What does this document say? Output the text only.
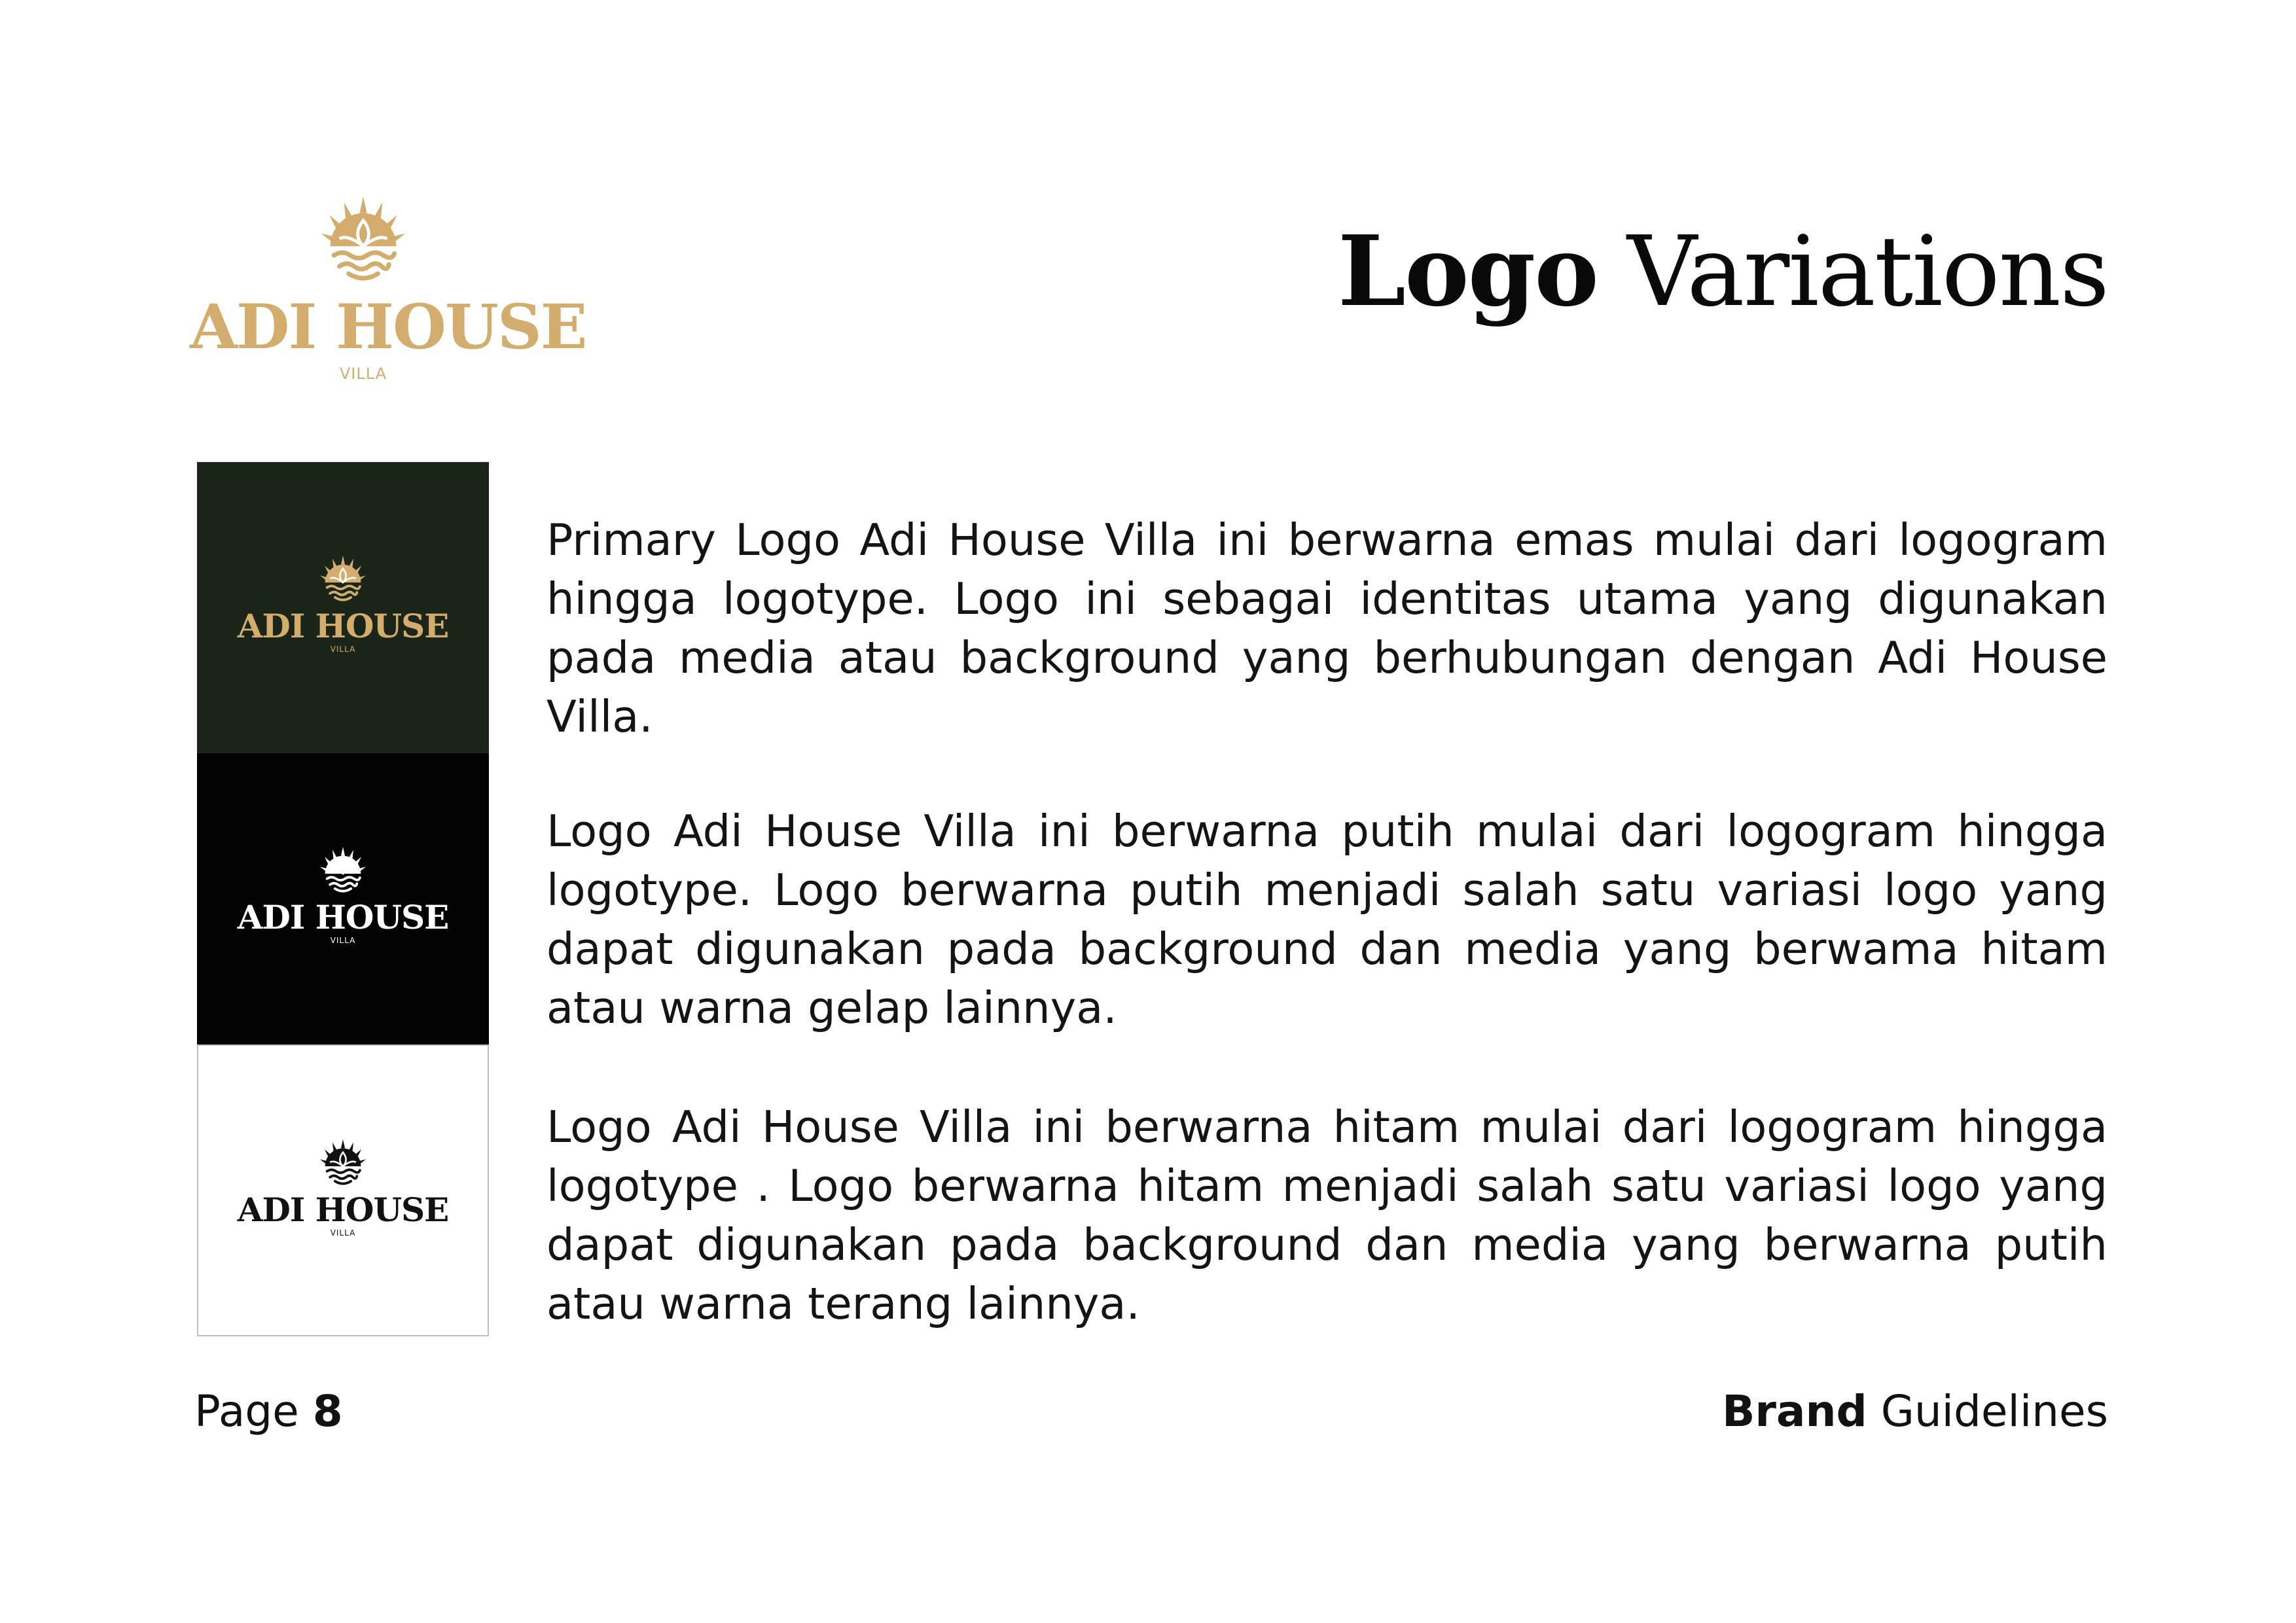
ADI HOUSE
VILLA
Logo Variations
ADI HOUSE
VILLA
ADI HOUSE
VILLA
ADI HOUSE
VILLA

Primary Logo Adi House Villa ini berwarna emas mulai dari logogram hingga logotype. Logo ini sebagai identitas utama yang digunakan pada media atau background yang berhubungan dengan Adi House Villa.

Logo Adi House Villa ini berwarna putih mulai dari logogram hingga logotype. Logo berwarna putih menjadi salah satu variasi logo yang dapat digunakan pada background dan media yang berwama hitam atau warna gelap lainnya.

Logo Adi House Villa ini berwarna hitam mulai dari logogram hingga logotype . Logo berwarna hitam menjadi salah satu variasi logo yang dapat digunakan pada background dan media yang berwarna putih atau warna terang lainnya.

Page 8	Brand Guidelines
